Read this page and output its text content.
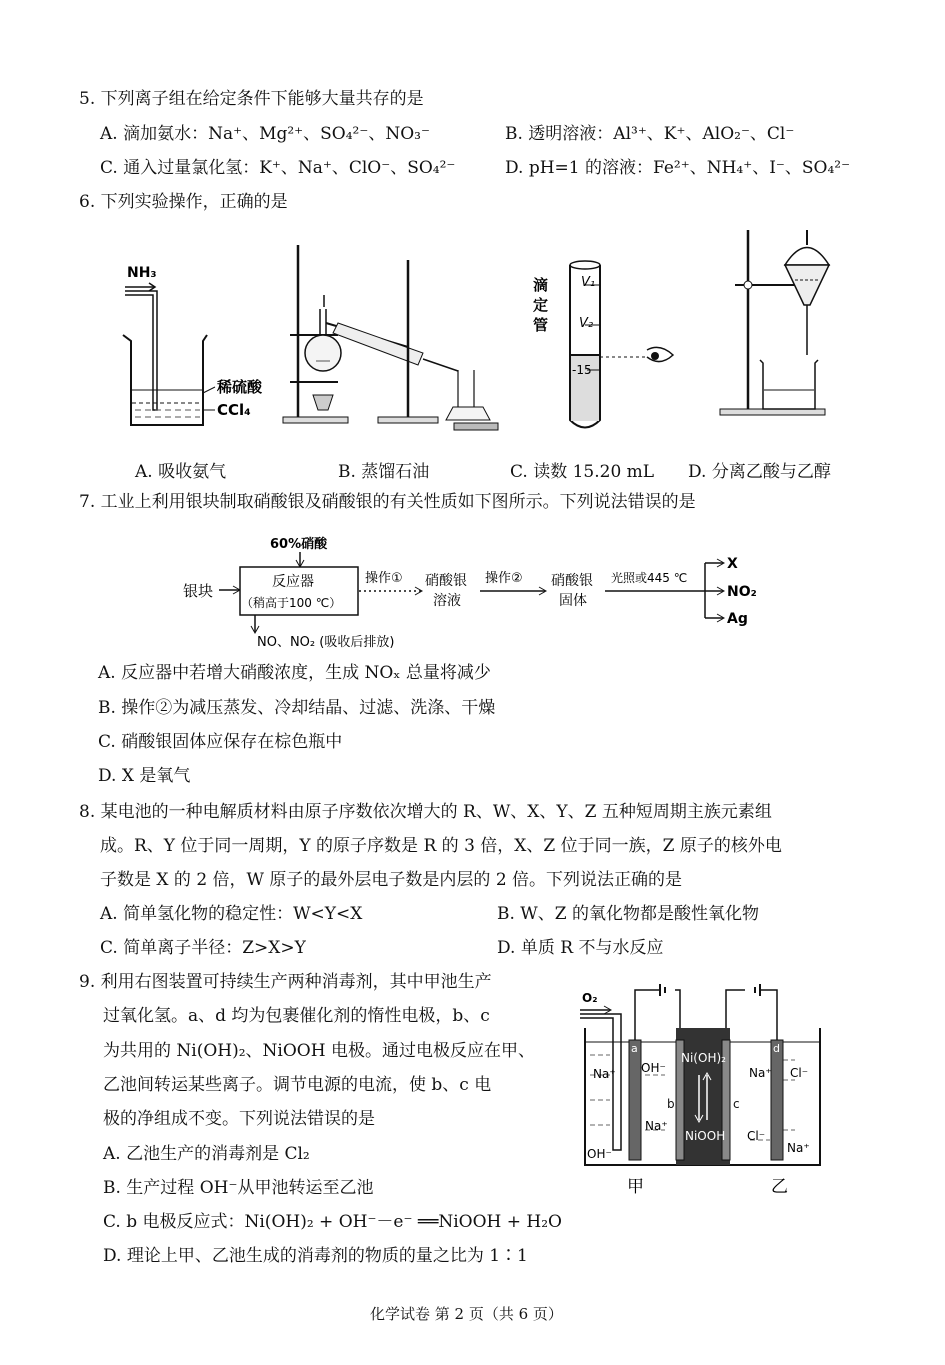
5. 下列离子组在给定条件下能够大量共存的是
A. 滴加氨水：Na⁺、Mg²⁺、SO₄²⁻、NO₃⁻	B. 透明溶液：Al³⁺、K⁺、AlO₂⁻、Cl⁻
C. 通入过量氯化氢：K⁺、Na⁺、ClO⁻、SO₄²⁻	D. pH=1 的溶液：Fe²⁺、NH₄⁺、I⁻、SO₄²⁻
6. 下列实验操作，正确的是
NH₃
稀硫酸
CCl₄
滴
定
管
V₁
V₂
-15
A. 吸收氨气	B. 蒸馏石油	C. 读数 15.20 mL D. 分离乙酸与乙醇
7. 工业上利用银块制取硝酸银及硝酸银的有关性质如下图所示。下列说法错误的是
60%硝酸
银块	反应器
（稍高于100 ℃）
操作① 硝酸银
溶液
操作② 硝酸银
固体
光照或445 ℃
X
NO₂
Ag
NO、NO₂ (吸收后排放)
A. 反应器中若增大硝酸浓度，生成 NOₓ 总量将减少
B. 操作②为减压蒸发、冷却结晶、过滤、洗涤、干燥
C. 硝酸银固体应保存在棕色瓶中
D. X 是氧气
8. 某电池的一种电解质材料由原子序数依次增大的 R、W、X、Y、Z 五种短周期主族元素组
成。R、Y 位于同一周期，Y 的原子序数是 R 的 3 倍，X、Z 位于同一族，Z 原子的核外电
子数是 X 的 2 倍，W 原子的最外层电子数是内层的 2 倍。下列说法正确的是
A. 简单氢化物的稳定性：W<Y<X	B. W、Z 的氧化物都是酸性氧化物
C. 简单离子半径：Z>X>Y	D. 单质 R 不与水反应
9. 利用右图装置可持续生产两种消毒剂，其中甲池生产
过氧化氢。a、d 均为包裹催化剂的惰性电极，b、c
为共用的 Ni(OH)₂、NiOOH 电极。通过电极反应在甲、
乙池间转运某些离子。调节电源的电流，使 b、c 电
极的净组成不变。下列说法错误的是
A. 乙池生产的消毒剂是 Cl₂
B. 生产过程 OH⁻从甲池转运至乙池
C. b 电极反应式：Ni(OH)₂ + OH⁻－e⁻ ══NiOOH + H₂O
D. 理论上甲、乙池生成的消毒剂的物质的量之比为 1∶1
O₂
a	d
b	c
Na⁺ OH⁻
Na⁺
OH⁻
Na⁺ Cl⁻
Cl⁻
Na⁺
Ni(OH)₂
NiOOH
甲	乙
化学试卷 第 2 页（共 6 页）
